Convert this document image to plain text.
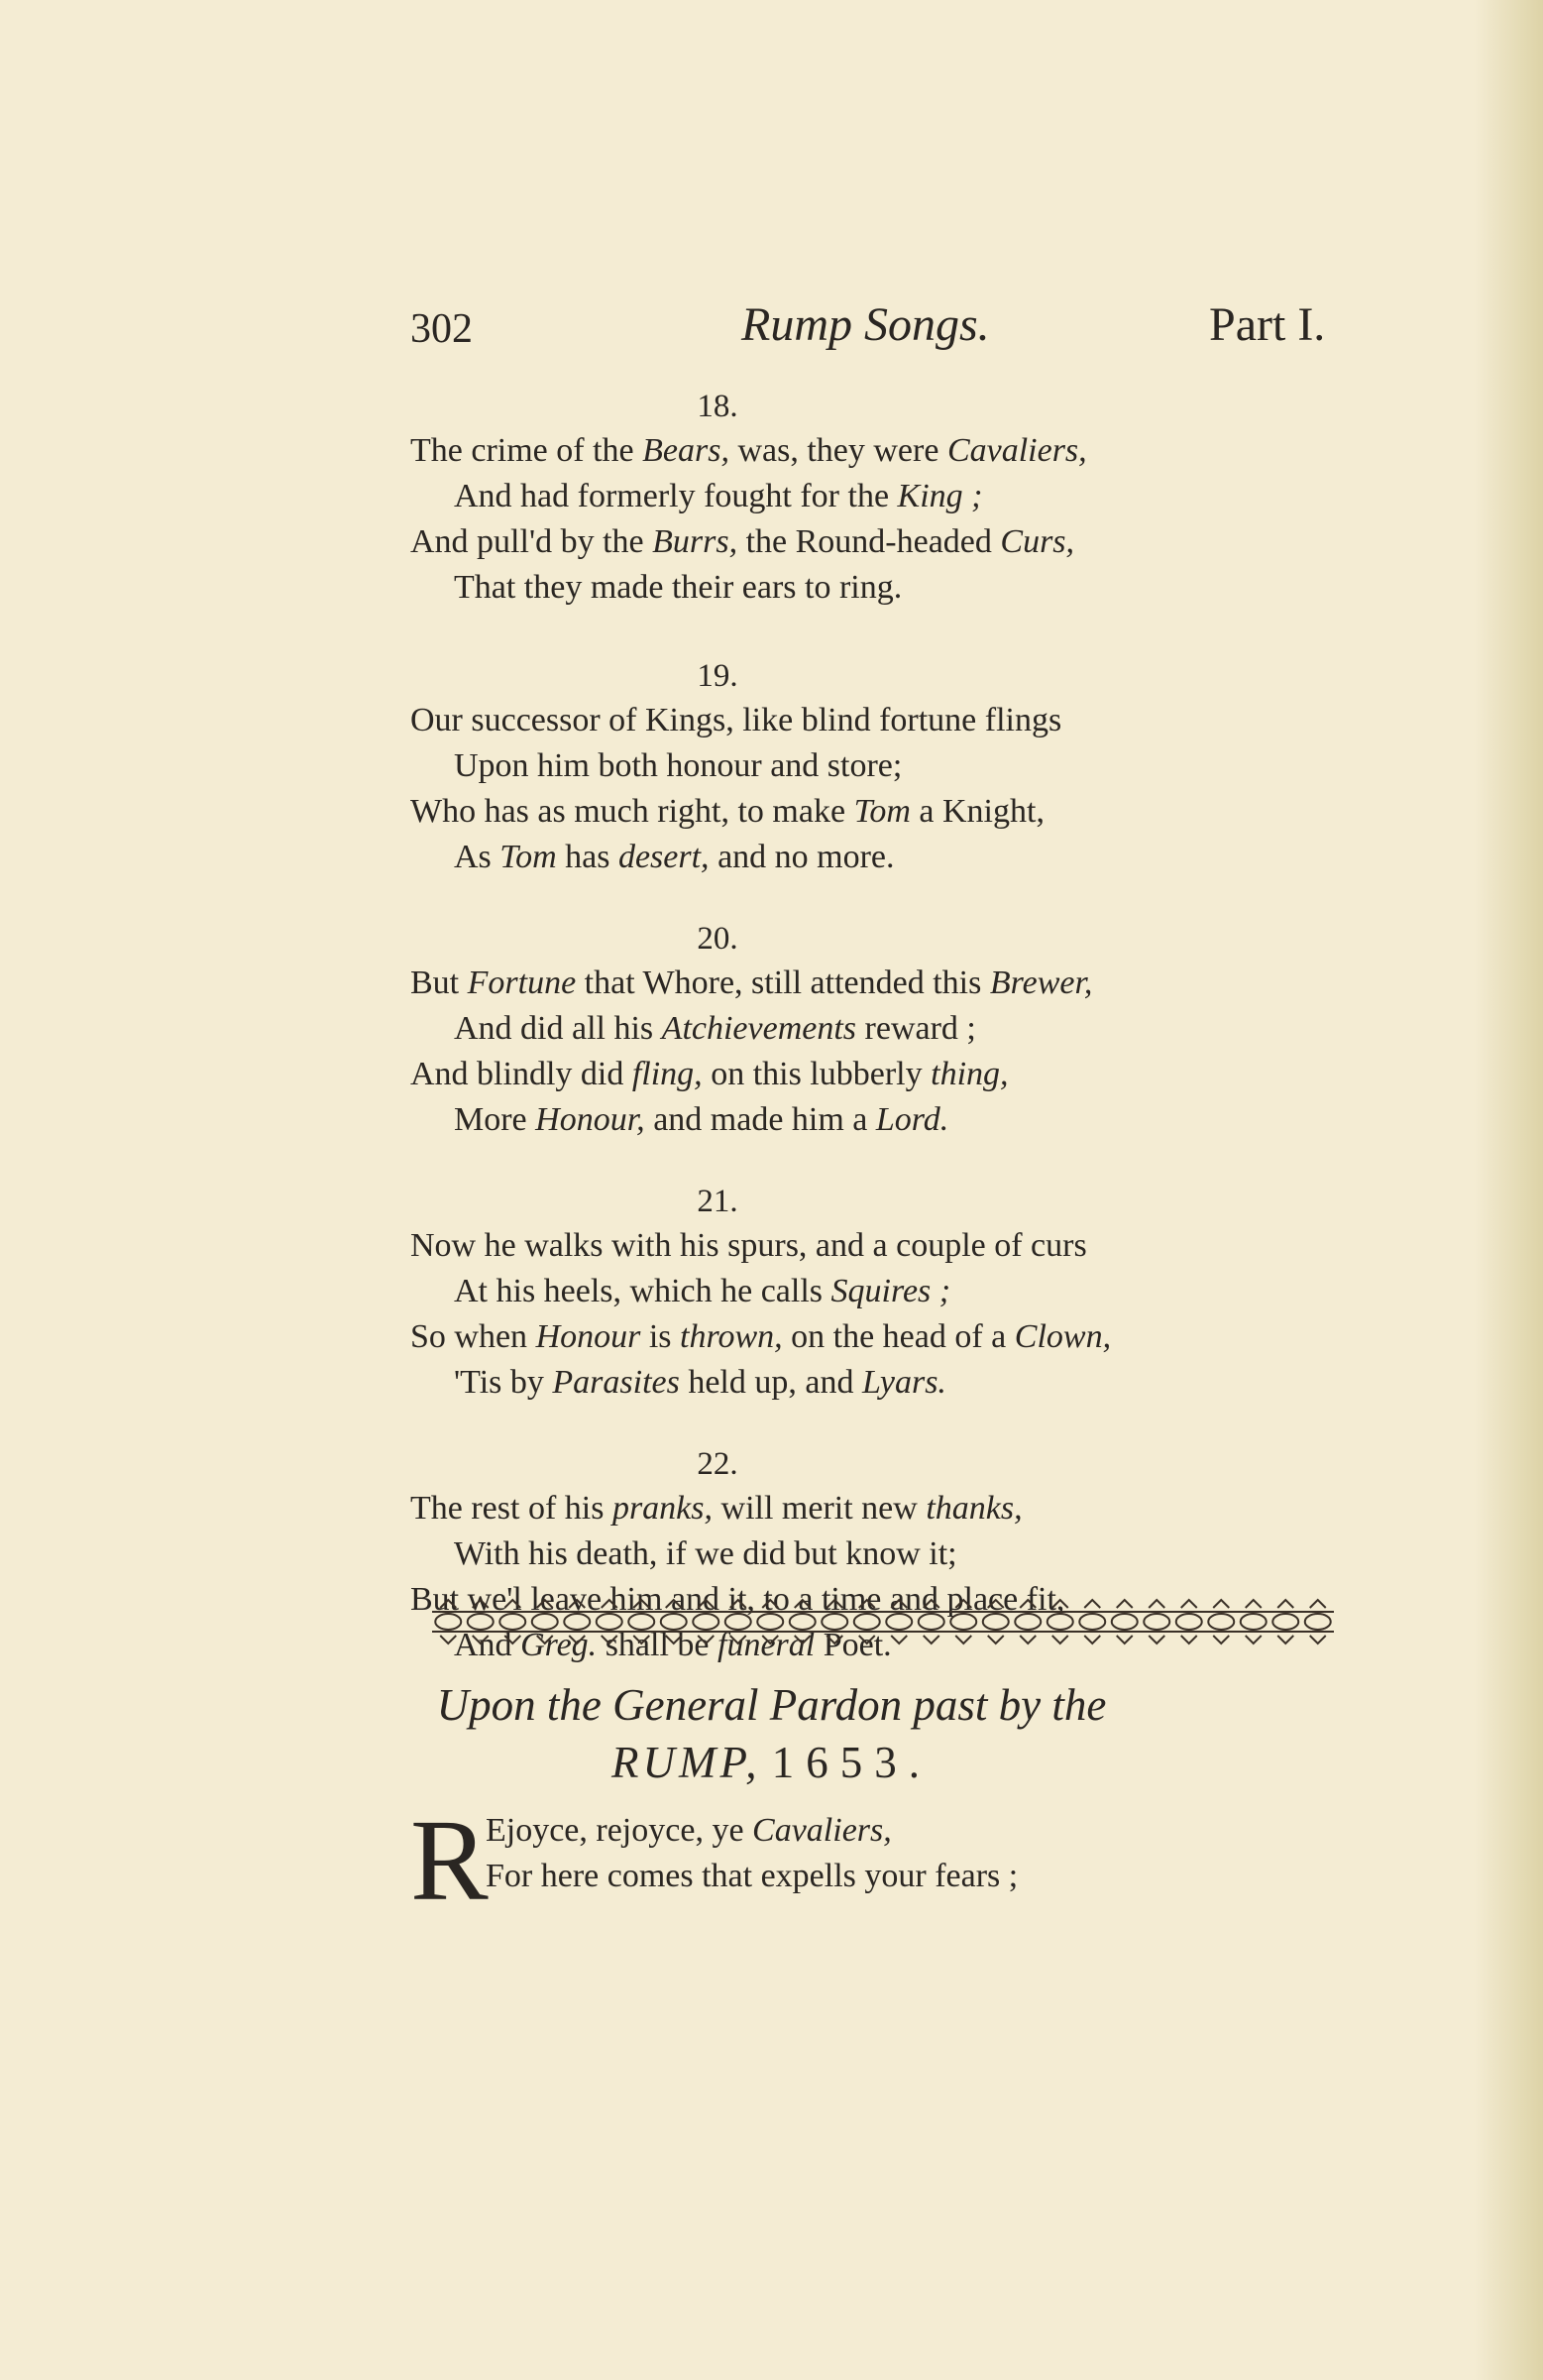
302	Rump Songs.	Part I.
18.
The crime of the Bears, was, they were Cavaliers,
And had formerly fought for the King ;
And pull'd by the Burrs, the Round-headed Curs,
That they made their ears to ring.
19.
Our successor of Kings, like blind fortune flings
Upon him both honour and store;
Who has as much right, to make Tom a Knight,
As Tom has desert, and no more.
20.
But Fortune that Whore, still attended this Brewer,
And did all his Atchievements reward ;
And blindly did fling, on this lubberly thing,
More Honour, and made him a Lord.
21.
Now he walks with his spurs, and a couple of curs
At his heels, which he calls Squires ;
So when Honour is thrown, on the head of a Clown,
'Tis by Parasites held up, and Lyars.
22.
The rest of his pranks, will merit new thanks,
With his death, if we did but know it;
But we'l leave him and it, to a time and place fit,
And Greg. shall be funeral Poet.
Upon the General Pardon past by the
RUMP, 1653.
R
Ejoyce, rejoyce, ye Cavaliers,
For here comes that expells your fears ;
